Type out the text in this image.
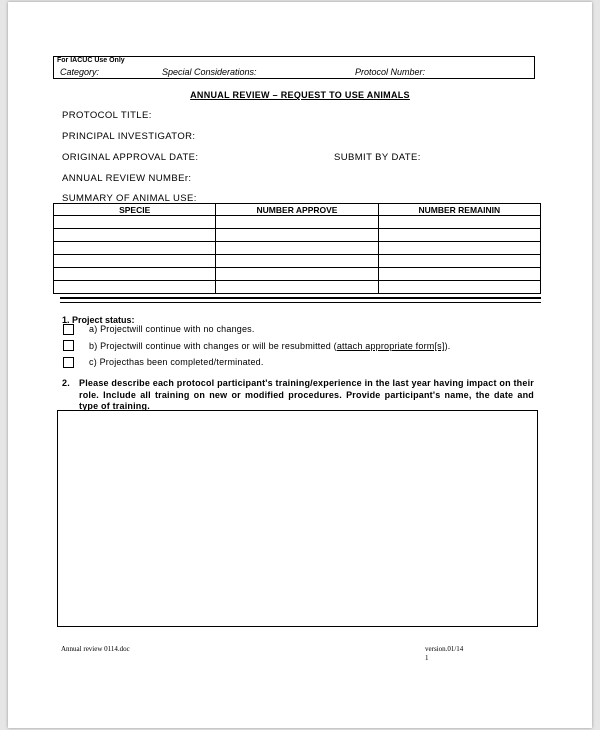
For IACUC Use Only
Category:	Special Considerations:	Protocol Number:
ANNUAL REVIEW – REQUEST TO USE ANIMALS
PROTOCOL TITLE:
PRINCIPAL INVESTIGATOR:
ORIGINAL APPROVAL DATE:	SUBMIT BY DATE:
ANNUAL REVIEW NUMBEr:
SUMMARY OF ANIMAL USE:
SPECIE	NUMBER APPROVE	NUMBER REMAININ

1. Project status:
a) Projectwill continue with no changes.
b) Projectwill continue with changes or will be resubmitted (attach appropriate form[s]).
c) Projecthas been completed/terminated.
2. Please describe each protocol participant's training/experience in the last year having impact on their role. Include all training on new or modified procedures. Provide participant's name, the date and type of training.
Annual review 0114.doc	version.01/14
1
